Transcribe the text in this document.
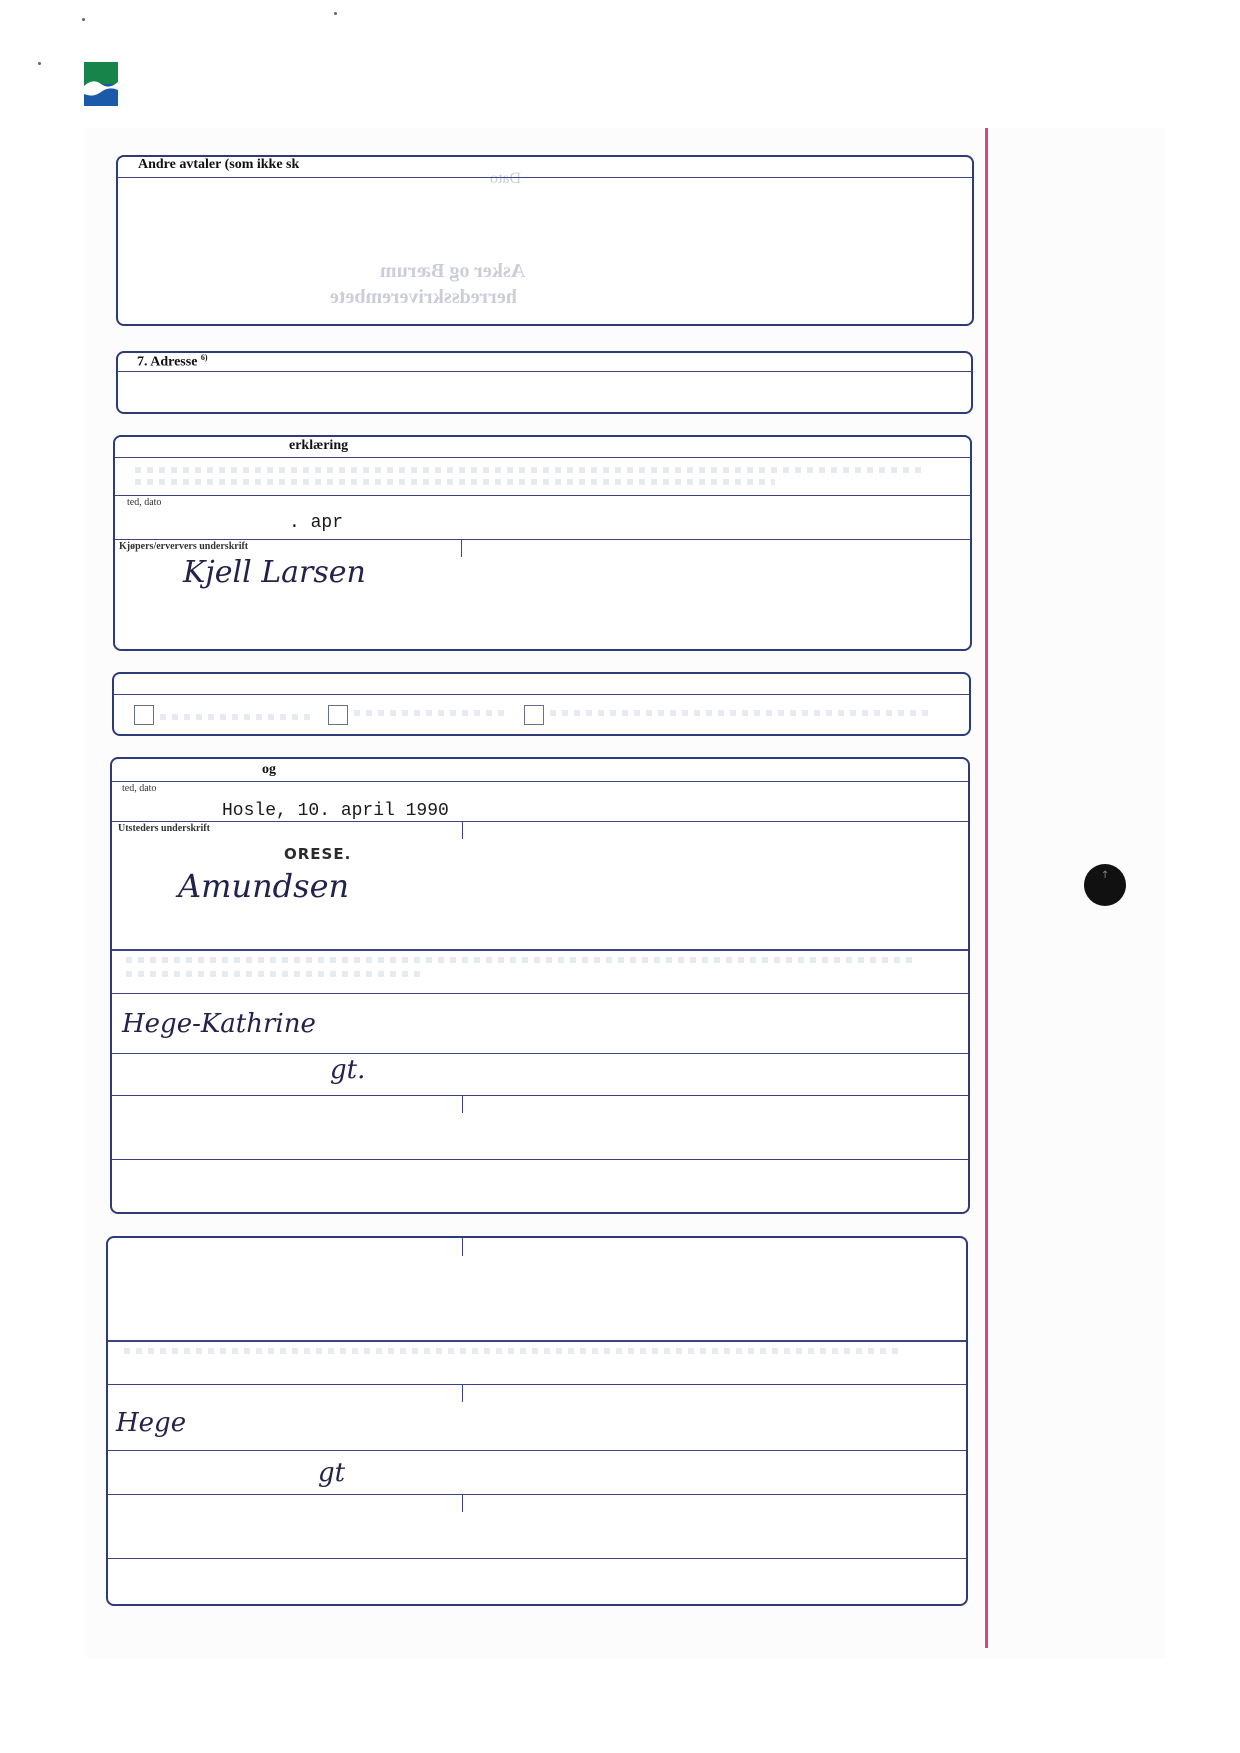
Andre avtaler (som ikke sk
Dato
Asker og Bærum
herredsskriverembete
7. Adresse $^{6)}$
erklæring
ted, dato
. apr
Kjøpers/erververs underskrift
Kjell Larsen
og
ted, dato
Hosle, 10. april 1990
Utsteders underskrift
ORESE.
Amundsen
Hege-Kathrine
gt.
Hege
gt
↑
